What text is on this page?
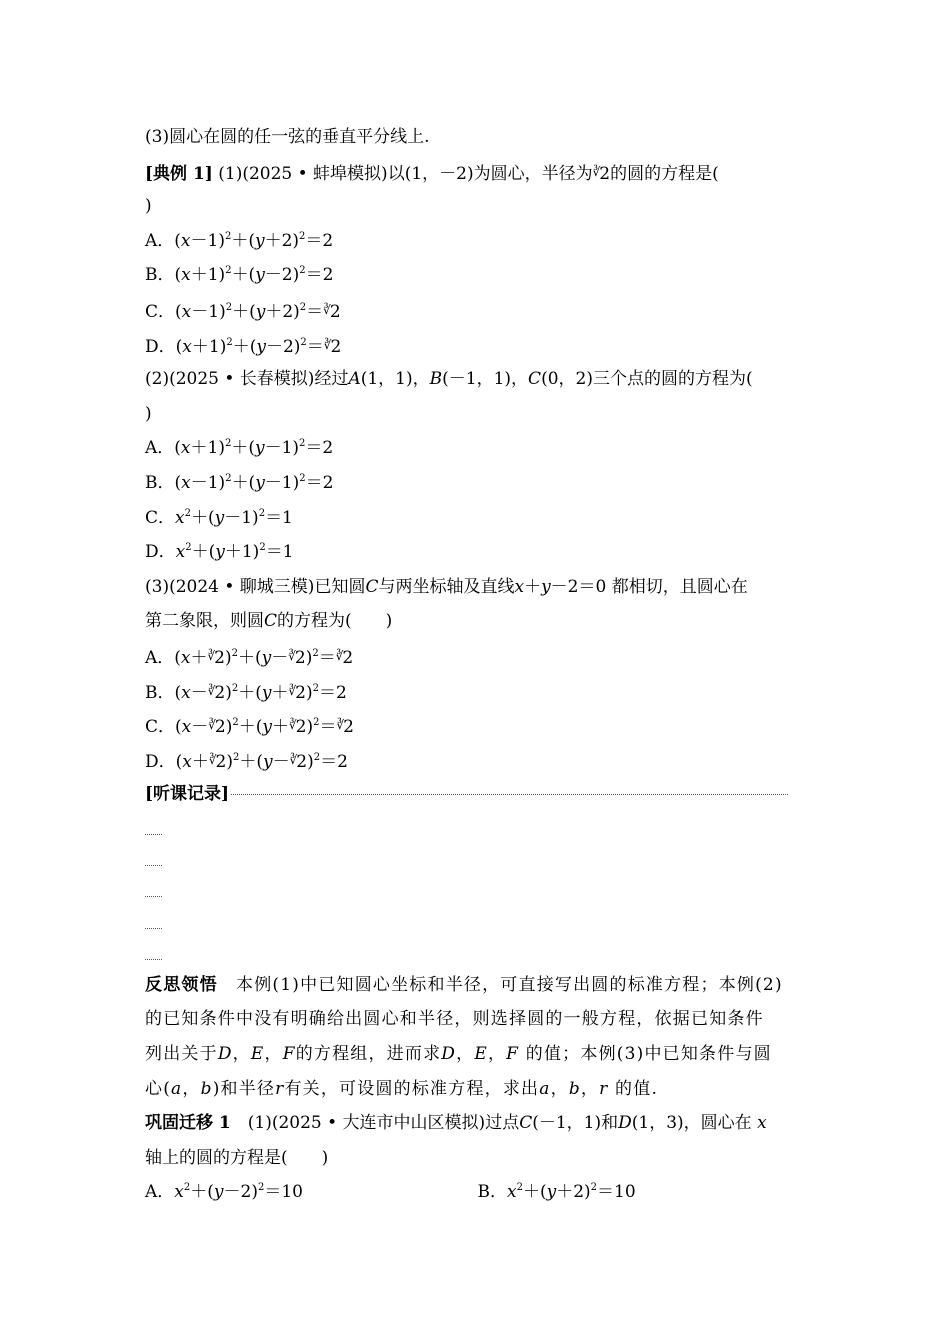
(3)圆心在圆的任一弦的垂直平分线上.
[典例 1] (1)(2025 • 蚌埠模拟)以(1，－2)为圆心，半径为∛2的圆的方程是(
)
A．$(x-1)^2+(y+2)^2=2$
B．$(x+1)^2+(y-2)^2=2$
C．$(x-1)^2+(y+2)^2=∛2$
D．$(x+1)^2+(y-2)^2=∛2$
(2)(2025 • 长春模拟)经过A(1，1)，B(－1，1)，C(0，2)三个点的圆的方程为(
)
A．$(x+1)^2+(y-1)^2=2$
B．$(x-1)^2+(y-1)^2=2$
C．$x^2+(y-1)^2=1$
D．$x^2+(y+1)^2=1$
(3)(2024 • 聊城三模)已知圆C与两坐标轴及直线x＋y－2＝0 都相切，且圆心在
第二象限，则圆C的方程为(　　)
A．(x＋∛2)$^2$＋(y－∛2)$^2$＝∛2
B．(x－∛2)$^2$＋(y＋∛2)$^2$＝2
C．(x－∛2)$^2$＋(y＋∛2)$^2$＝∛2
D．(x＋∛2)$^2$＋(y－∛2)$^2$＝2
[听课记录]
反思领悟　本例(1)中已知圆心坐标和半径，可直接写出圆的标准方程；本例(2)
的已知条件中没有明确给出圆心和半径，则选择圆的一般方程，依据已知条件
列出关于D，E，F的方程组，进而求D，E，F 的值；本例(3)中已知条件与圆
心(a，b)和半径r有关，可设圆的标准方程，求出a，b，r 的值.
巩固迁移 1　(1)(2025 • 大连市中山区模拟)过点C(－1，1)和D(1，3)，圆心在 x
轴上的圆的方程是(　　)
A．$x^2+(y-2)^2=10$	B．$x^2+(y+2)^2=10$
